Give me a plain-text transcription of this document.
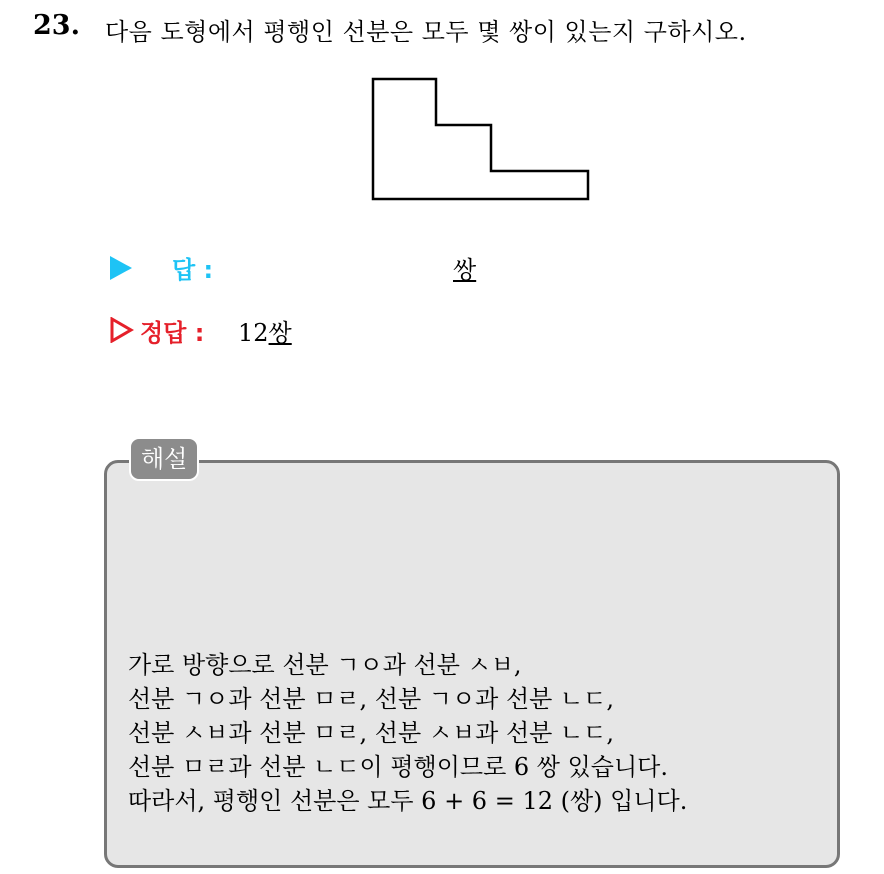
23. 다음 도형에서 평행인 선분은 모두 몇 쌍이 있는지 구하시오.
답 :	쌍
정답 : 12쌍
해설
가로 방향으로 선분 ㄱㅇ과 선분 ㅅㅂ,
선분 ㄱㅇ과 선분 ㅁㄹ, 선분 ㄱㅇ과 선분 ㄴㄷ,
선분 ㅅㅂ과 선분 ㅁㄹ, 선분 ㅅㅂ과 선분 ㄴㄷ,
선분 ㅁㄹ과 선분 ㄴㄷ이 평행이므로 6 쌍 있습니다.
따라서, 평행인 선분은 모두 6 + 6 = 12 (쌍) 입니다.
